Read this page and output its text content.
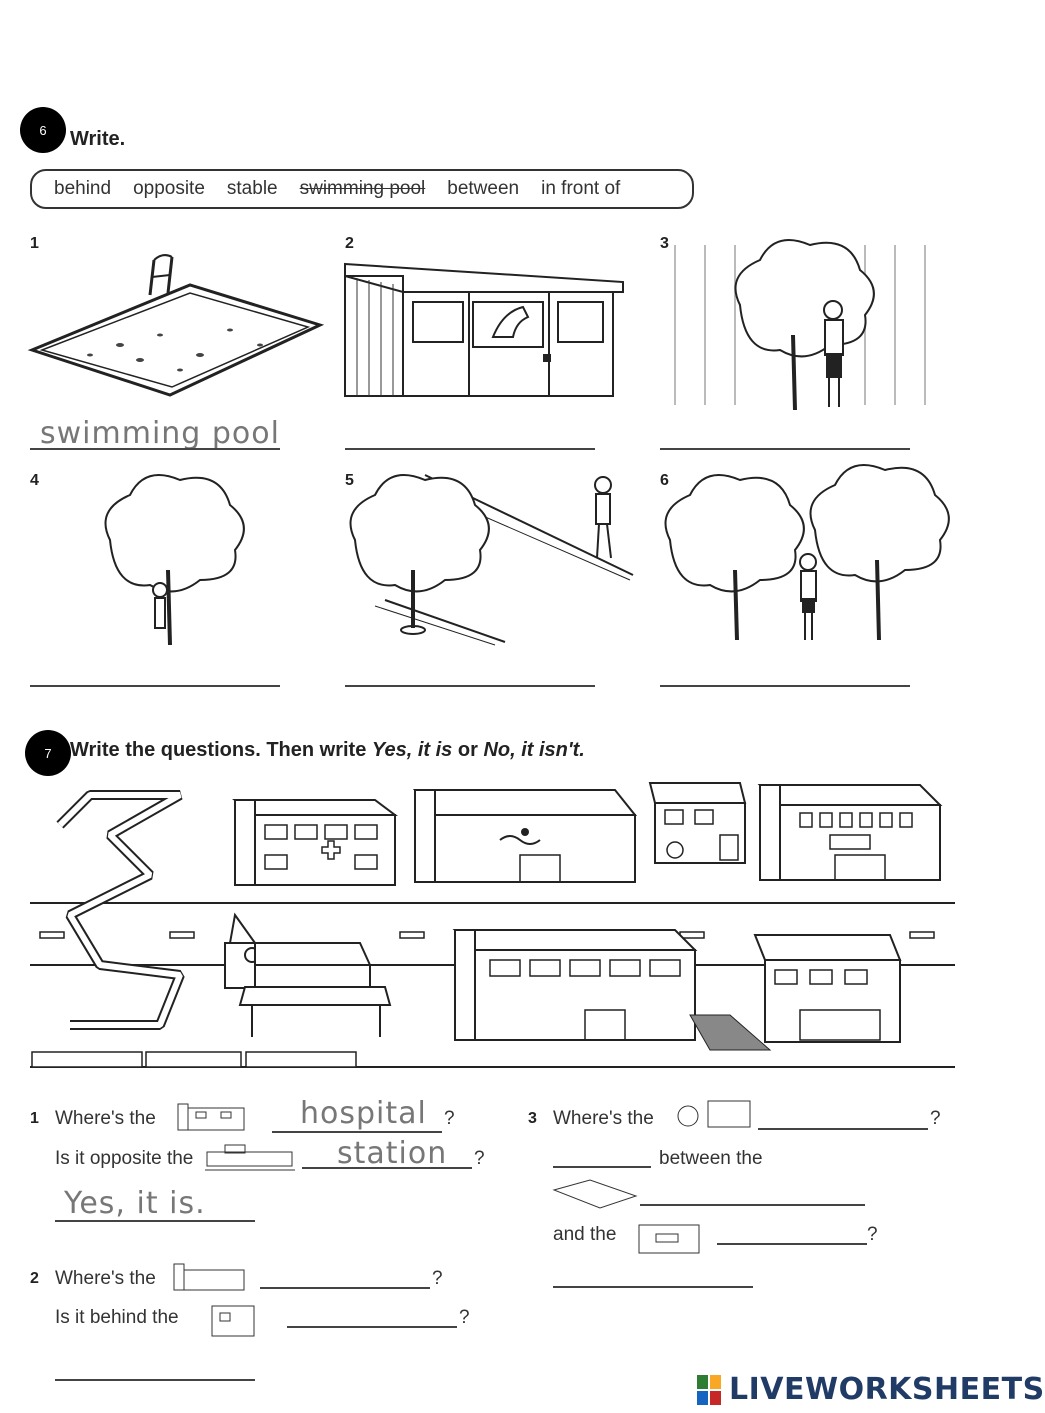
6 Write.
behind opposite stable swimming pool between in front of
1	2	3
4	5	6
swimming pool
7 Write the questions. Then write Yes, it is or No, it isn't.
1 Where's the	hospital ?
Is it opposite the	station ?
Yes, it is.
2 Where's the	?
Is it behind the	?
3 Where's the	?
between the
and the	?
LIVEWORKSHEETS
